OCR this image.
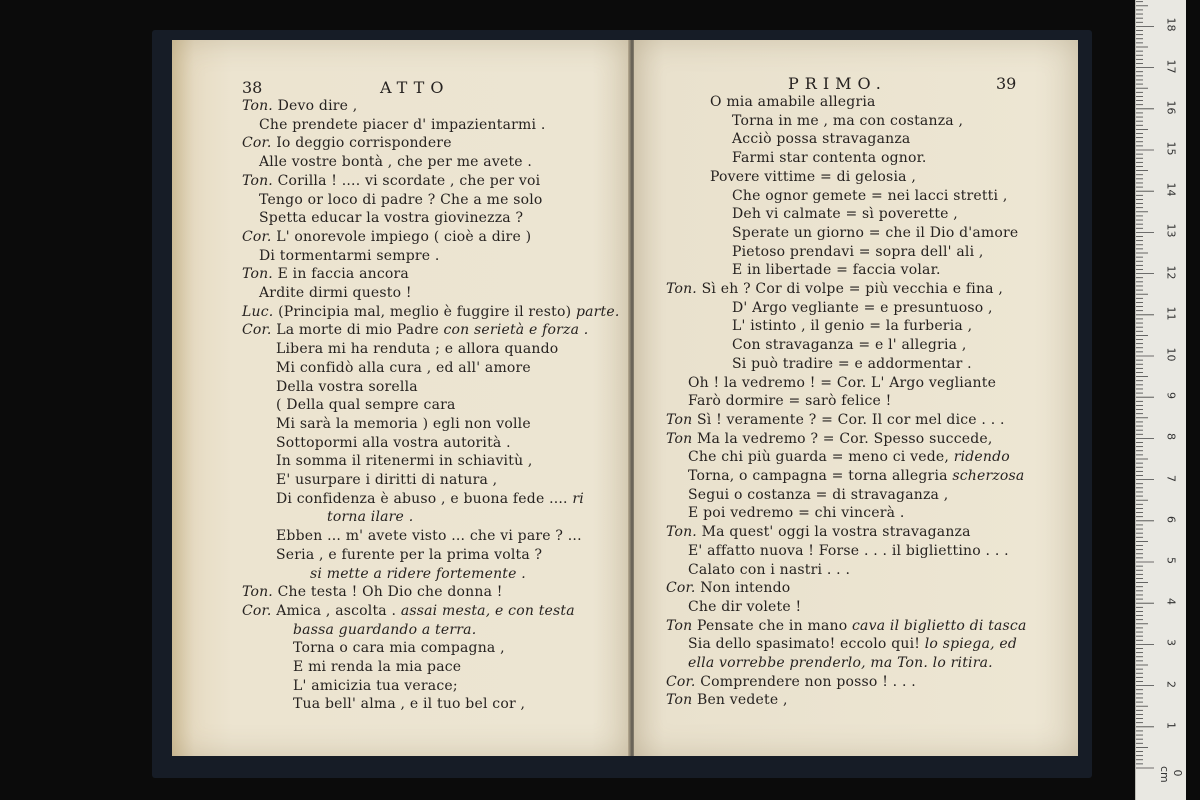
38	ATTO
Ton. Devo dire ,
Che prendete piacer d' impazientarmi .
Cor. Io deggio corrispondere
Alle vostre bontà , che per me avete .
Ton. Corilla ! .... vi scordate , che per voi
Tengo or loco di padre ? Che a me solo
Spetta educar la vostra giovinezza ?
Cor. L' onorevole impiego ( cioè a dire )
Di tormentarmi sempre .
Ton. E in faccia ancora
Ardite dirmi questo !
Luc. (Principia mal, meglio è fuggire il resto) parte.
Cor. La morte di mio Padre con serietà e forza .
Libera mi ha renduta ; e allora quando
Mi confidò alla cura , ed all' amore
Della vostra sorella
( Della qual sempre cara
Mi sarà la memoria ) egli non volle
Sottopormi alla vostra autorità .
In somma il ritenermi in schiavitù ,
E' usurpare i diritti di natura ,
Di confidenza è abuso , e buona fede .... ri
torna ilare .
Ebben ... m' avete visto ... che vi pare ? ...
Seria , e furente per la prima volta ?
si mette a ridere fortemente .
Ton. Che testa ! Oh Dio che donna !
Cor. Amica , ascolta . assai mesta, e con testa
bassa guardando a terra.
Torna o cara mia compagna ,
E mi renda la mia pace
L' amicizia tua verace;
Tua bell' alma , e il tuo bel cor ,
PRIMO.	39
O mia amabile allegria
Torna in me , ma con costanza ,
Acciò possa stravaganza
Farmi star contenta ognor.
Povere vittime = di gelosia ,
Che ognor gemete = nei lacci stretti ,
Deh vi calmate = sì poverette ,
Sperate un giorno = che il Dio d'amore
Pietoso prendavi = sopra dell' ali ,
E in libertade = faccia volar.
Ton. Sì eh ? Cor di volpe = più vecchia e fina ,
D' Argo vegliante = e presuntuoso ,
L' istinto , il genio = la furberia ,
Con stravaganza = e l' allegria ,
Si può tradire = e addormentar .
Oh ! la vedremo ! = Cor. L' Argo vegliante
Farò dormire = sarò felice !
Ton Sì ! veramente ? = Cor. Il cor mel dice . . .
Ton Ma la vedremo ? = Cor. Spesso succede,
Che chi più guarda = meno ci vede, ridendo
Torna, o campagna = torna allegria scherzosa
Segui o costanza = di stravaganza ,
E poi vedremo = chi vincerà .
Ton. Ma quest' oggi la vostra stravaganza
E' affatto nuova ! Forse . . . il bigliettino . . .
Calato con i nastri . . .
Cor. Non intendo
Che dir volete !
Ton Pensate che in mano cava il biglietto di tasca
Sia dello spasimato! eccolo qui! lo spiega, ed
ella vorrebbe prenderlo, ma Ton. lo ritira.
Cor. Comprendere non posso ! . . .
Ton Ben vedete ,
18
17
16
15
14
13
12
11
10
9
8
7
6
5
4
3
2
1
0 cm
